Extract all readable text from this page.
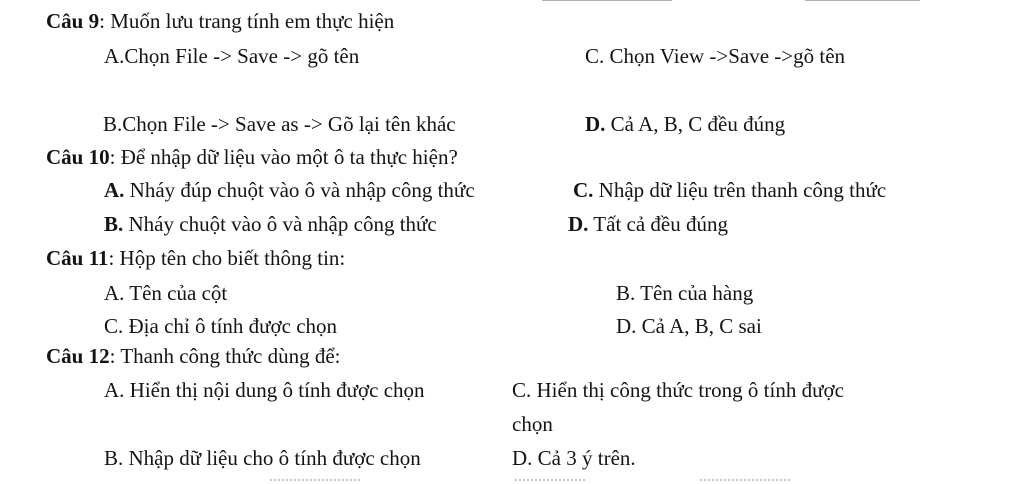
Câu 9: Muốn lưu trang tính em thực hiện
A.Chọn File -> Save -> gõ tên	C. Chọn View ->Save ->gõ tên
B.Chọn File -> Save as -> Gõ lại tên khác	D. Cả A, B, C đều đúng
Câu 10: Để nhập dữ liệu vào một ô ta thực hiện?
A. Nháy đúp chuột vào ô và nhập công thức	C. Nhập dữ liệu trên thanh công thức
B. Nháy chuột vào ô và nhập công thức	D. Tất cả đều đúng
Câu 11: Hộp tên cho biết thông tin:
A. Tên của cột	B. Tên của hàng
C. Địa chỉ ô tính được chọn	D. Cả A, B, C sai
Câu 12: Thanh công thức dùng để:
A. Hiển thị nội dung ô tính được chọn	C. Hiển thị công thức trong ô tính được
chọn
B. Nhập dữ liệu cho ô tính được chọn	D. Cả 3 ý trên.
